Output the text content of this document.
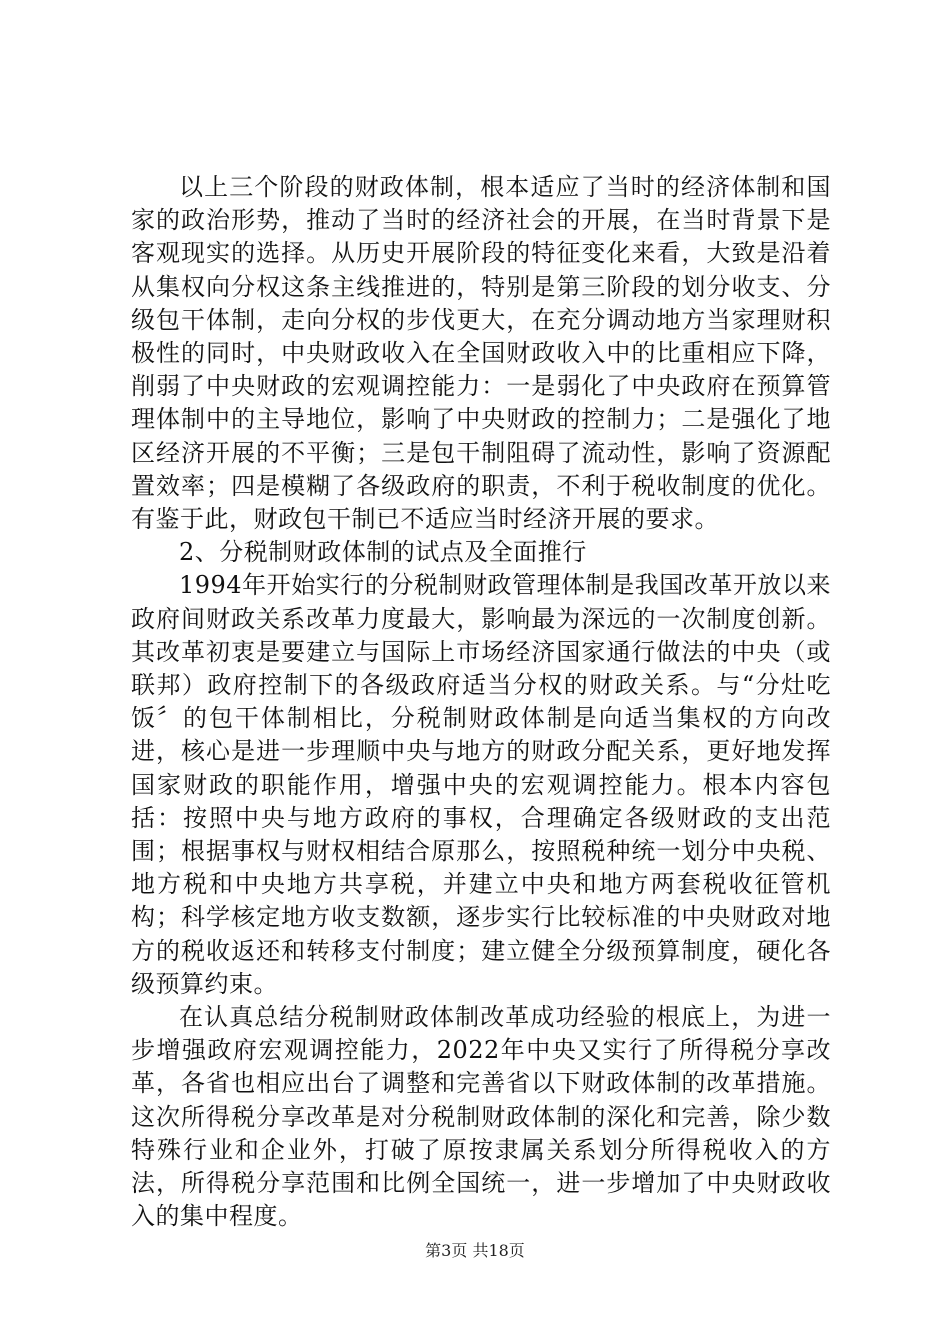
以上三个阶段的财政体制，根本适应了当时的经济体制和国家的政治形势，推动了当时的经济社会的开展，在当时背景下是客观现实的选择。从历史开展阶段的特征变化来看，大致是沿着从集权向分权这条主线推进的，特别是第三阶段的划分收支、分级包干体制，走向分权的步伐更大，在充分调动地方当家理财积极性的同时，中央财政收入在全国财政收入中的比重相应下降，削弱了中央财政的宏观调控能力：一是弱化了中央政府在预算管理体制中的主导地位，影响了中央财政的控制力；二是强化了地区经济开展的不平衡；三是包干制阻碍了流动性，影响了资源配置效率；四是模糊了各级政府的职责，不利于税收制度的优化。有鉴于此，财政包干制已不适应当时经济开展的要求。

2、分税制财政体制的试点及全面推行

1994年开始实行的分税制财政管理体制是我国改革开放以来政府间财政关系改革力度最大，影响最为深远的一次制度创新。其改革初衷是要建立与国际上市场经济国家通行做法的中央（或联邦）政府控制下的各级政府适当分权的财政关系。与“分灶吃饭〞的包干体制相比，分税制财政体制是向适当集权的方向改进，核心是进一步理顺中央与地方的财政分配关系，更好地发挥国家财政的职能作用，增强中央的宏观调控能力。根本内容包括：按照中央与地方政府的事权，合理确定各级财政的支出范围；根据事权与财权相结合原那么，按照税种统一划分中央税、地方税和中央地方共享税，并建立中央和地方两套税收征管机构；科学核定地方收支数额，逐步实行比较标准的中央财政对地方的税收返还和转移支付制度；建立健全分级预算制度，硬化各级预算约束。

在认真总结分税制财政体制改革成功经验的根底上，为进一步增强政府宏观调控能力，2022年中央又实行了所得税分享改革，各省也相应出台了调整和完善省以下财政体制的改革措施。这次所得税分享改革是对分税制财政体制的深化和完善，除少数特殊行业和企业外，打破了原按隶属关系划分所得税收入的方法，所得税分享范围和比例全国统一，进一步增加了中央财政收入的集中程度。

第3页 共18页
